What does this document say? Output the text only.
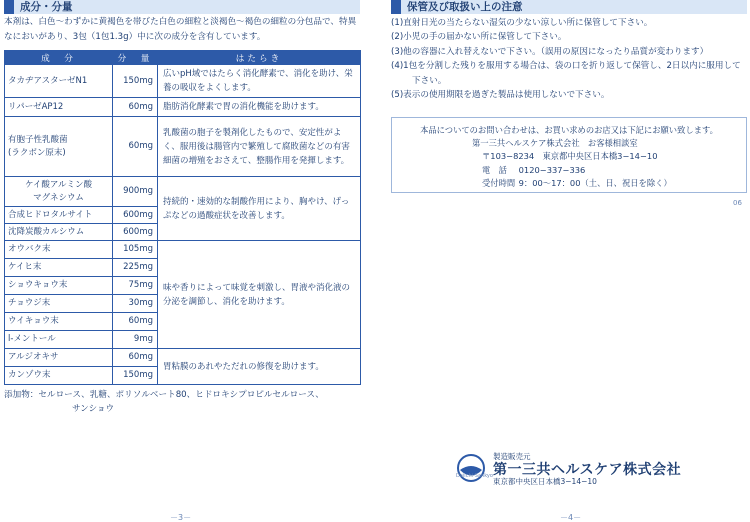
成分・分量
本剤は、白色～わずかに黄褐色を帯びた白色の細粒と淡褐色～褐色の細粒の分包品で、特異なにおいがあり、3包（1包1.3g）中に次の成分を含有しています。
成　分	分　量	はたらき
タカヂアスターゼN1	150mg	広いpH域ではたらく消化酵素で、消化を助け、栄養の吸収をよくします。
リパーゼAP12	60mg	脂肪消化酵素で胃の消化機能を助けます。
有胞子性乳酸菌
(ラクボン原末)	60mg	乳酸菌の胞子を製剤化したもので、安定性がよく、服用後は腸管内で繁殖して腐敗菌などの有害細菌の増殖をおさえて、整腸作用を発揮します。
ケイ酸アルミン酸
マグネシウム	900mg	持続的・速効的な制酸作用により、胸やけ、げっぷなどの過酸症状を改善します。
合成ヒドロタルサイト	600mg	
沈降炭酸カルシウム	600mg	
オウバク末	105mg	味や香りによって味覚を刺激し、胃液や消化液の分泌を調節し、消化を助けます。
ケイヒ末	225mg	
ショウキョウ末	75mg	
チョウジ末	30mg	
ウイキョウ末	60mg	
l-メントール	9mg	
アルジオキサ	60mg	胃粘膜のあれやただれの修復を助けます。
カンゾウ末	150mg	
添加物：セルロース、乳糖、ポリソルベート80、ヒドロキシプロピルセルロース、
サンショウ
－3－
保管及び取扱い上の注意
(1)直射日光の当たらない湿気の少ない涼しい所に保管して下さい。
(2)小児の手の届かない所に保管して下さい。
(3)他の容器に入れ替えないで下さい。（誤用の原因になったり品質が変わります）
(4)1包を分割した残りを服用する場合は、袋の口を折り返して保管し、2日以内に服用して下さい。
(5)表示の使用期限を過ぎた製品は使用しないで下さい。
本品についてのお問い合わせは、お買い求めのお店又は下記にお願い致します。
第一三共ヘルスケア株式会社　お客様相談室
〒103−8234　東京都中央区日本橋3−14−10
電　話 0120−337−336
受付時間 9：00～17：00（土、日、祝日を除く）
06
製造販売元
第一三共ヘルスケア株式会社
東京都中央区日本橋3−14−10
Daiichi-Sankyo
－4－
